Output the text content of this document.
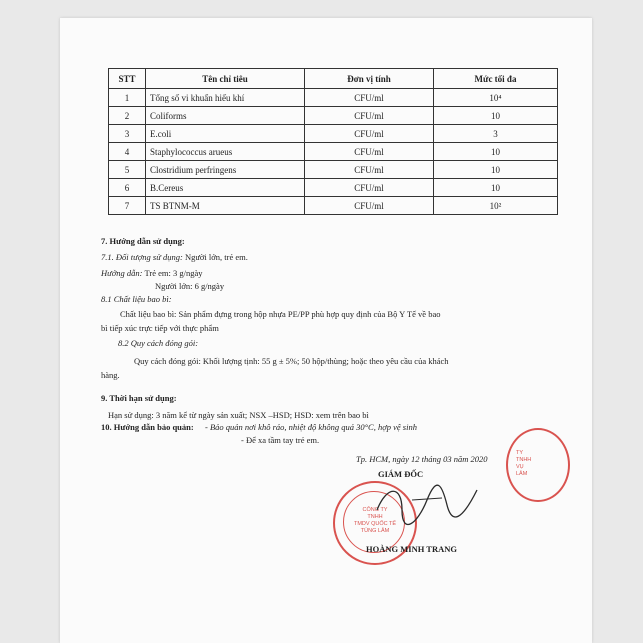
STT	Tên chỉ tiêu	Đơn vị tính	Mức tối đa
1	Tổng số vi khuẩn hiếu khí	CFU/ml	10⁴
2	Coliforms	CFU/ml	10
3	E.coli	CFU/ml	3
4	Staphylococcus arueus	CFU/ml	10
5	Clostridium perfringens	CFU/ml	10
6	B.Cereus	CFU/ml	10
7	TS BTNM-M	CFU/ml	10²
7. Hướng dẫn sử dụng:
7.1. Đối tượng sử dụng: Người lớn, trẻ em.
Hướng dẫn: Trẻ em: 3 g/ngày
Người lớn: 6 g/ngày
8.1 Chất liệu bao bì:
Chất liệu bao bì: Sản phẩm đựng trong hộp nhựa PE/PP phù hợp quy định của Bộ Y Tế về bao
bì tiếp xúc trực tiếp với thực phẩm
8.2 Quy cách đóng gói:
Quy cách đóng gói: Khối lượng tịnh: 55 g ± 5%; 50 hộp/thùng; hoặc theo yêu cầu của khách
hàng.
9. Thời hạn sử dụng:
Hạn sử dụng: 3 năm kể từ ngày sản xuất; NSX –HSD; HSD: xem trên bao bì
10. Hướng dẫn bảo quản: - Bảo quản nơi khô ráo, nhiệt độ không quá 30°C, hợp vệ sinh
- Để xa tầm tay trẻ em.
Tp. HCM, ngày 12 tháng 03 năm 2020
GIÁM ĐỐC
CÔNG TY
TNHH
TMDV QUỐC TẾ
TÙNG LÂM
TY
TNHH
VỤ
LÂM
HOÀNG MINH TRANG
